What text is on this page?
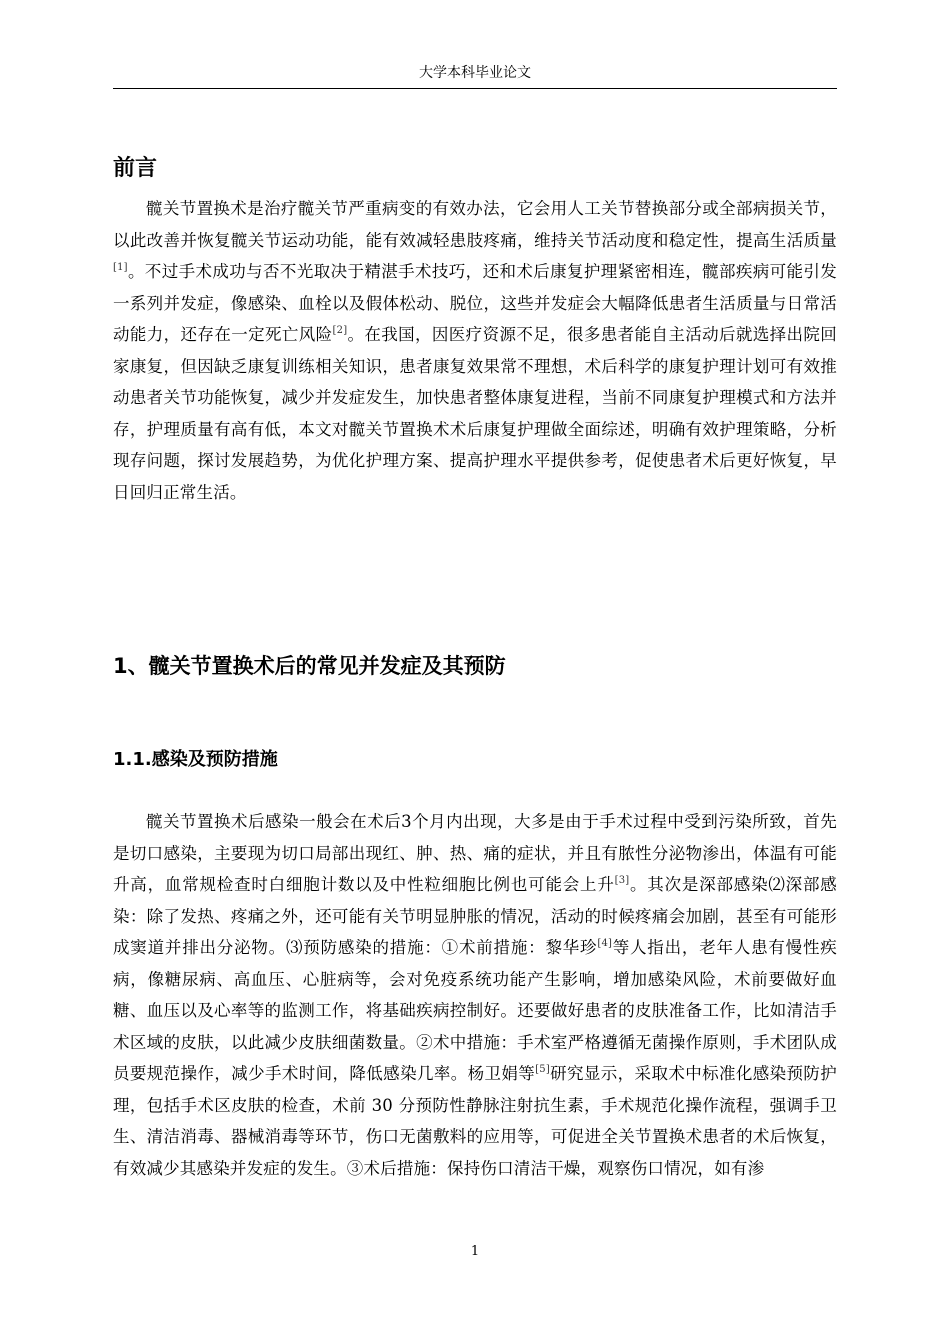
大学本科毕业论文
前言

髋关节置换术是治疗髋关节严重病变的有效办法，它会用人工关节替换部分或全部病损关节，以此改善并恢复髋关节运动功能，能有效减轻患肢疼痛，维持关节活动度和稳定性，提高生活质量[1]。不过手术成功与否不光取决于精湛手术技巧，还和术后康复护理紧密相连，髋部疾病可能引发一系列并发症，像感染、血栓以及假体松动、脱位，这些并发症会大幅降低患者生活质量与日常活动能力，还存在一定死亡风险[2]。在我国，因医疗资源不足，很多患者能自主活动后就选择出院回家康复，但因缺乏康复训练相关知识，患者康复效果常不理想，术后科学的康复护理计划可有效推动患者关节功能恢复，减少并发症发生，加快患者整体康复进程，当前不同康复护理模式和方法并存，护理质量有高有低，本文对髋关节置换术术后康复护理做全面综述，明确有效护理策略，分析现存问题，探讨发展趋势，为优化护理方案、提高护理水平提供参考，促使患者术后更好恢复，早日回归正常生活。

1、髋关节置换术后的常见并发症及其预防
1.1.感染及预防措施

髋关节置换术后感染一般会在术后3个月内出现，大多是由于手术过程中受到污染所致，首先是切口感染，主要现为切口局部出现红、肿、热、痛的症状，并且有脓性分泌物渗出，体温有可能升高，血常规检查时白细胞计数以及中性粒细胞比例也可能会上升[3]。其次是深部感染⑵深部感染：除了发热、疼痛之外，还可能有关节明显肿胀的情况，活动的时候疼痛会加剧，甚至有可能形成窦道并排出分泌物。⑶预防感染的措施：①术前措施：黎华珍[4]等人指出，老年人患有慢性疾病，像糖尿病、高血压、心脏病等，会对免疫系统功能产生影响，增加感染风险，术前要做好血糖、血压以及心率等的监测工作，将基础疾病控制好。还要做好患者的皮肤准备工作，比如清洁手术区域的皮肤，以此减少皮肤细菌数量。②术中措施：手术室严格遵循无菌操作原则，手术团队成员要规范操作，减少手术时间，降低感染几率。杨卫娟等[5]研究显示，采取术中标准化感染预防护理，包括手术区皮肤的检查，术前 30 分预防性静脉注射抗生素，手术规范化操作流程，强调手卫生、清洁消毒、器械消毒等环节，伤口无菌敷料的应用等，可促进全关节置换术患者的术后恢复，有效减少其感染并发症的发生。③术后措施：保持伤口清洁干燥，观察伤口情况，如有渗

1
